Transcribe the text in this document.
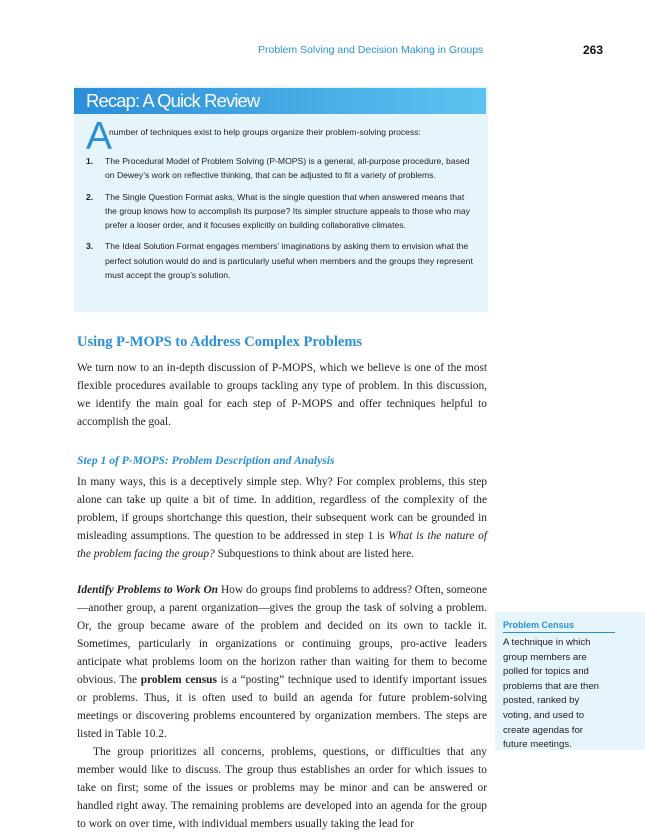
Problem Solving and Decision Making in Groups	263
Recap: A Quick Review
A
number of techniques exist to help groups organize their problem-solving process:
1. The Procedural Model of Problem Solving (P-MOPS) is a general, all-purpose procedure, based on Dewey’s work on reflective thinking, that can be adjusted to fit a variety of problems.
2. The Single Question Format asks, What is the single question that when answered means that the group knows how to accomplish its purpose? Its simpler structure appeals to those who may prefer a looser order, and it focuses explicitly on building collaborative climates.
3. The Ideal Solution Format engages members’ imaginations by asking them to envision what the perfect solution would do and is particularly useful when members and the groups they represent must accept the group’s solution.
Using P-MOPS to Address Complex Problems

We turn now to an in-depth discussion of P-MOPS, which we believe is one of the most flexible procedures available to groups tackling any type of problem. In this discussion, we identify the main goal for each step of P-MOPS and offer techniques helpful to accomplish the goal.

Step 1 of P-MOPS: Problem Description and Analysis

In many ways, this is a deceptively simple step. Why? For complex problems, this step alone can take up quite a bit of time. In addition, regardless of the complexity of the problem, if groups shortchange this question, their subsequent work can be grounded in misleading assumptions. The question to be addressed in step 1 is What is the nature of the problem facing the group? Subquestions to think about are listed here.

Identify Problems to Work On How do groups find problems to address? Often, someone—another group, a parent organization—gives the group the task of solving a problem. Or, the group became aware of the problem and decided on its own to tackle it. Sometimes, particularly in organizations or continuing groups, pro-active leaders anticipate what problems loom on the horizon rather than waiting for them to become obvious. The problem census is a “posting” technique used to identify important issues or problems. Thus, it is often used to build an agenda for future problem-solving meetings or discovering problems encountered by organization members. The steps are listed in Table 10.2.

The group prioritizes all concerns, problems, questions, or difficulties that any member would like to discuss. The group thus establishes an order for which issues to take on first; some of the issues or problems may be minor and can be answered or handled right away. The remaining problems are developed into an agenda for the group to work on over time, with individual members usually taking the lead for

Problem Census
A technique in which group members are polled for topics and problems that are then posted, ranked by voting, and used to create agendas for future meetings.
